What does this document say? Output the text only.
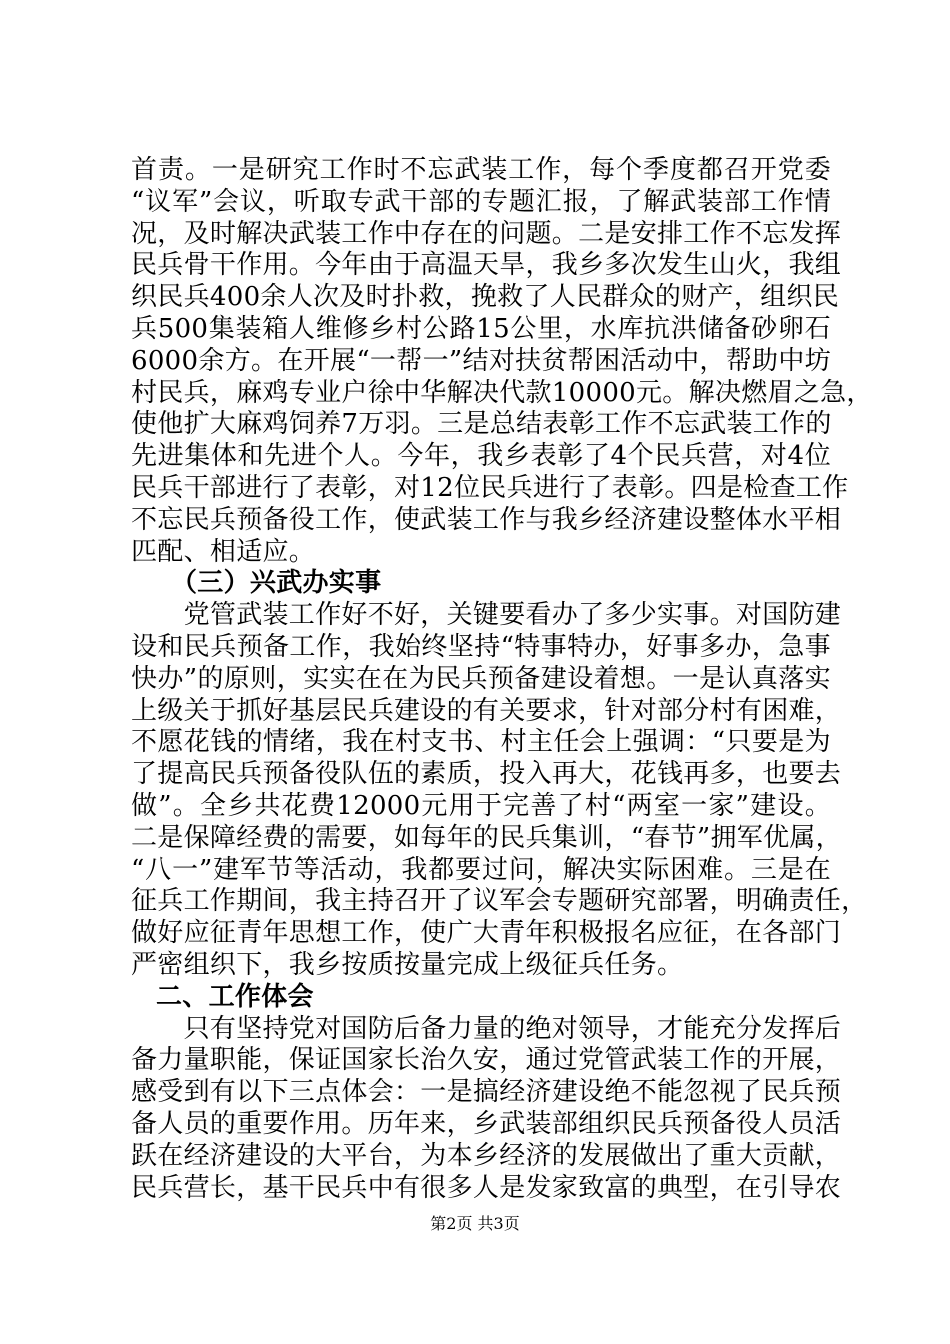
首责。一是研究工作时不忘武装工作，每个季度都召开党委
“议军”会议，听取专武干部的专题汇报，了解武装部工作情
况，及时解决武装工作中存在的问题。二是安排工作不忘发挥
民兵骨干作用。今年由于高温天旱，我乡多次发生山火，我组
织民兵400余人次及时扑救，挽救了人民群众的财产，组织民
兵500集装箱人维修乡村公路15公里，水库抗洪储备砂卵石
6000余方。在开展“一帮一”结对扶贫帮困活动中，帮助中坊
村民兵，麻鸡专业户徐中华解决代款10000元。解决燃眉之急，
使他扩大麻鸡饲养7万羽。三是总结表彰工作不忘武装工作的
先进集体和先进个人。今年，我乡表彰了4个民兵营，对4位
民兵干部进行了表彰，对12位民兵进行了表彰。四是检查工作
不忘民兵预备役工作，使武装工作与我乡经济建设整体水平相
匹配、相适应。
（三）兴武办实事
　　党管武装工作好不好，关键要看办了多少实事。对国防建
设和民兵预备工作，我始终坚持“特事特办，好事多办，急事
快办”的原则，实实在在为民兵预备建设着想。一是认真落实
上级关于抓好基层民兵建设的有关要求，针对部分村有困难，
不愿花钱的情绪，我在村支书、村主任会上强调：“只要是为
了提高民兵预备役队伍的素质，投入再大，花钱再多，也要去
做”。全乡共花费12000元用于完善了村“两室一家”建设。
二是保障经费的需要，如每年的民兵集训，“春节”拥军优属，
“八一”建军节等活动，我都要过问，解决实际困难。三是在
征兵工作期间，我主持召开了议军会专题研究部署，明确责任，
做好应征青年思想工作，使广大青年积极报名应征，在各部门
严密组织下，我乡按质按量完成上级征兵任务。
二、工作体会
　　只有坚持党对国防后备力量的绝对领导，才能充分发挥后
备力量职能，保证国家长治久安，通过党管武装工作的开展，
感受到有以下三点体会：一是搞经济建设绝不能忽视了民兵预
备人员的重要作用。历年来，乡武装部组织民兵预备役人员活
跃在经济建设的大平台，为本乡经济的发展做出了重大贡献，
民兵营长，基干民兵中有很多人是发家致富的典型，在引导农
第2页 共3页
